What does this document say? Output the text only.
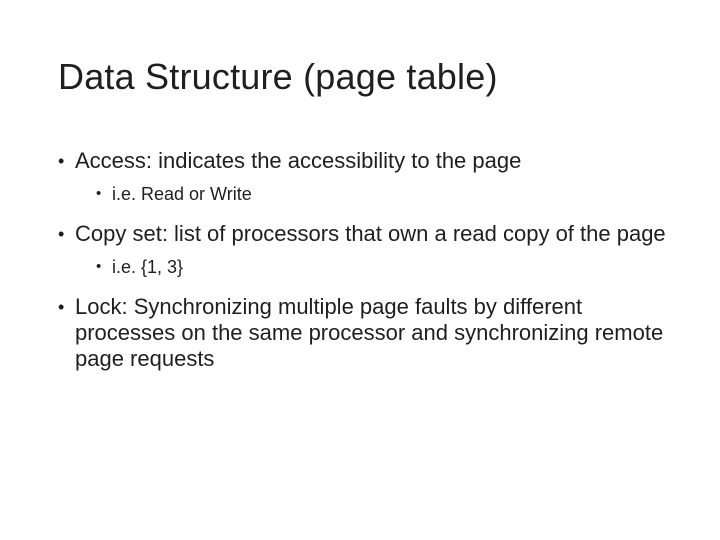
Data Structure (page table)
• Access: indicates the accessibility to the page
• i.e. Read or Write
• Copy set: list of processors that own a read copy of the page
• i.e. {1, 3}
• Lock: Synchronizing multiple page faults by different processes on the same processor and synchronizing remote page requests
